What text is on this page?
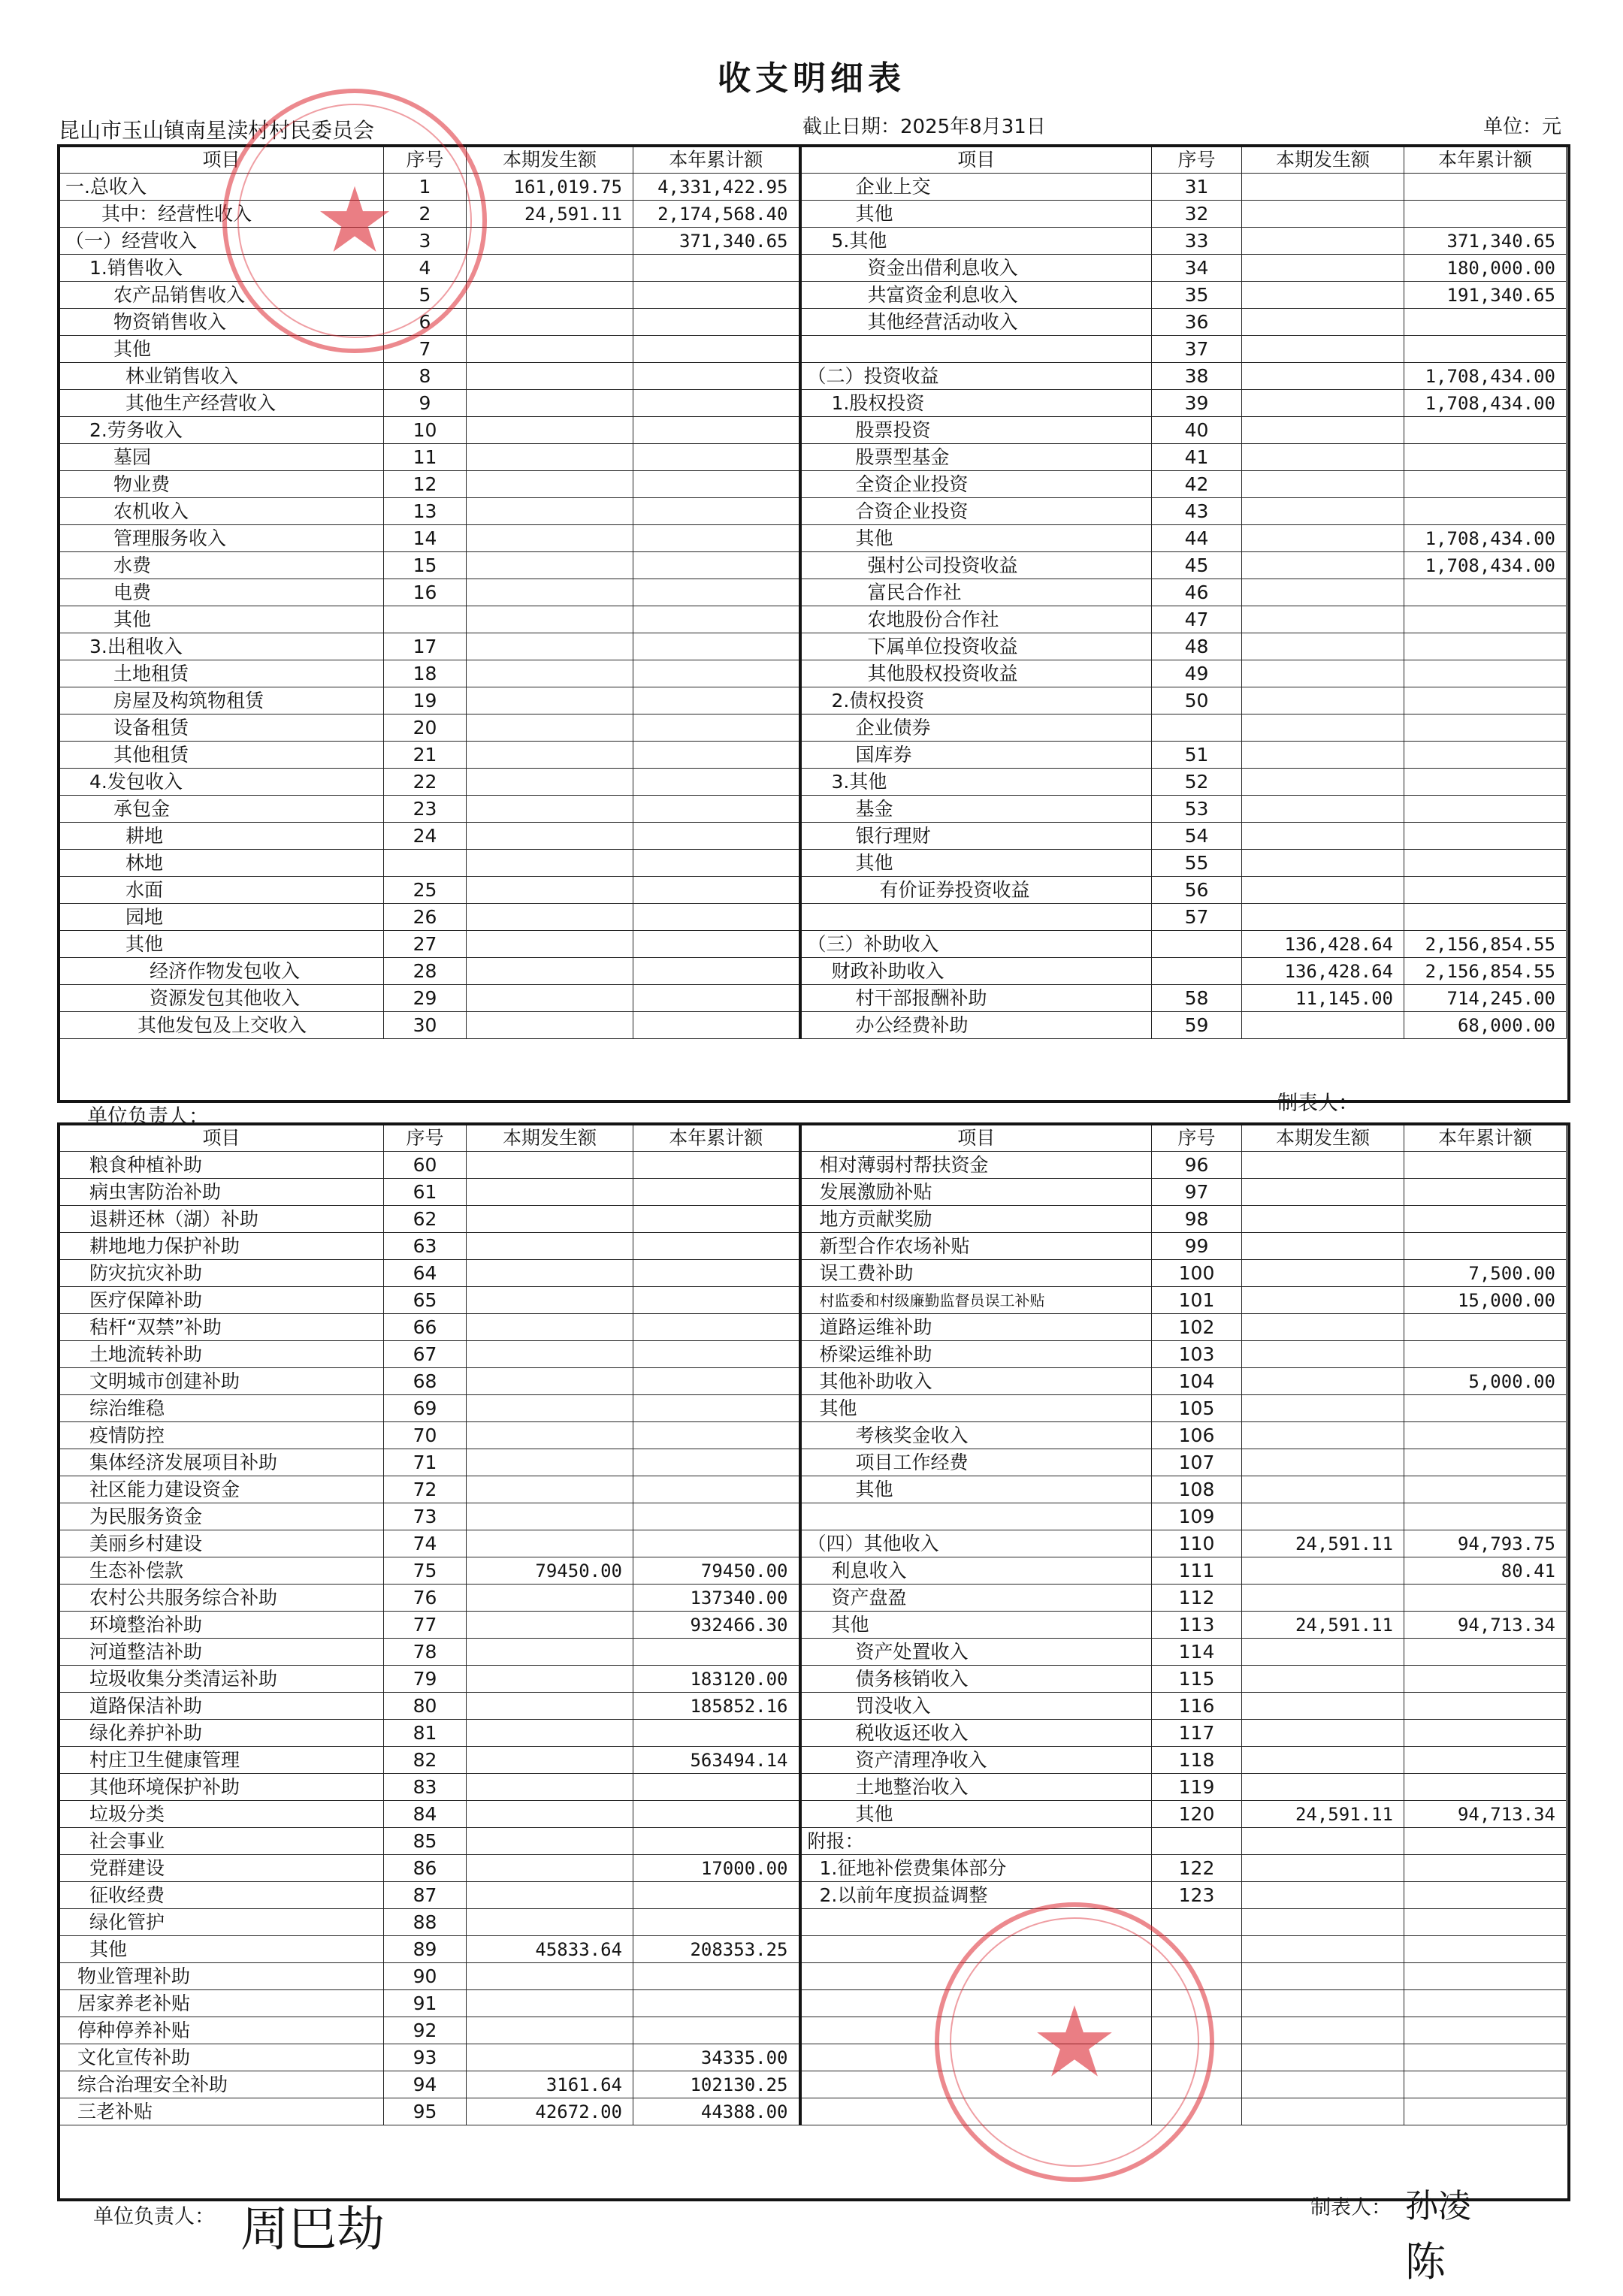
收支明细表
昆山市玉山镇南星渎村村民委员会	截止日期：2025年8月31日	单位：元
项目	序号	本期发生额	本年累计额	项目	序号	本期发生额	本年累计额
一.总收入	1	161,019.75	4,331,422.95	企业上交	31		
其中：经营性收入	2	24,591.11	2,174,568.40	其他	32		
（一）经营收入	3		371,340.65	5.其他	33		371,340.65
1.销售收入	4			资金出借利息收入	34		180,000.00
农产品销售收入	5			共富资金利息收入	35		191,340.65
物资销售收入	6			其他经营活动收入	36		
其他	7				37		
林业销售收入	8			（二）投资收益	38		1,708,434.00
其他生产经营收入	9			1.股权投资	39		1,708,434.00
2.劳务收入	10			股票投资	40		
墓园	11			股票型基金	41		
物业费	12			全资企业投资	42		
农机收入	13			合资企业投资	43		
管理服务收入	14			其他	44		1,708,434.00
水费	15			强村公司投资收益	45		1,708,434.00
电费	16			富民合作社	46		
其他				农地股份合作社	47		
3.出租收入	17			下属单位投资收益	48		
土地租赁	18			其他股权投资收益	49		
房屋及构筑物租赁	19			2.债权投资	50		
设备租赁	20			企业债券			
其他租赁	21			国库券	51		
4.发包收入	22			3.其他	52		
承包金	23			基金	53		
耕地	24			银行理财	54		
林地				其他	55		
水面	25			有价证券投资收益	56		
园地	26				57		
其他	27			（三）补助收入		136,428.64	2,156,854.55
经济作物发包收入	28			财政补助收入		136,428.64	2,156,854.55
资源发包其他收入	29			村干部报酬补助	58	11,145.00	714,245.00
其他发包及上交收入	30			办公经费补助	59		68,000.00
单位负责人：
制表人：
项目	序号	本期发生额	本年累计额	项目	序号	本期发生额	本年累计额
粮食种植补助	60			相对薄弱村帮扶资金	96		
病虫害防治补助	61			发展激励补贴	97		
退耕还林（湖）补助	62			地方贡献奖励	98		
耕地地力保护补助	63			新型合作农场补贴	99		
防灾抗灾补助	64			误工费补助	100		7,500.00
医疗保障补助	65			村监委和村级廉勤监督员误工补贴	101		15,000.00
秸杆“双禁”补助	66			道路运维补助	102		
土地流转补助	67			桥梁运维补助	103		
文明城市创建补助	68			其他补助收入	104		5,000.00
综治维稳	69			其他	105		
疫情防控	70			考核奖金收入	106		
集体经济发展项目补助	71			项目工作经费	107		
社区能力建设资金	72			其他	108		
为民服务资金	73				109		
美丽乡村建设	74			（四）其他收入	110	24,591.11	94,793.75
生态补偿款	75	79450.00	79450.00	利息收入	111		80.41
农村公共服务综合补助	76		137340.00	资产盘盈	112		
环境整治补助	77		932466.30	其他	113	24,591.11	94,713.34
河道整洁补助	78			资产处置收入	114		
垃圾收集分类清运补助	79		183120.00	债务核销收入	115		
道路保洁补助	80		185852.16	罚没收入	116		
绿化养护补助	81			税收返还收入	117		
村庄卫生健康管理	82		563494.14	资产清理净收入	118		
其他环境保护补助	83			土地整治收入	119		
垃圾分类	84			其他	120	24,591.11	94,713.34
社会事业	85			附报：			
党群建设	86		17000.00	1.征地补偿费集体部分	122		
征收经费	87			2.以前年度损益调整	123		
绿化管护	88						
其他	89	45833.64	208353.25				
物业管理补助	90						
居家养老补贴	91						
停种停养补贴	92						
文化宣传补助	93		34335.00				
综合治理安全补助	94	3161.64	102130.25				
三老补贴	95	42672.00	44388.00				
单位负责人：	制表人：
周巴劫	孙凌
陈
★
★
